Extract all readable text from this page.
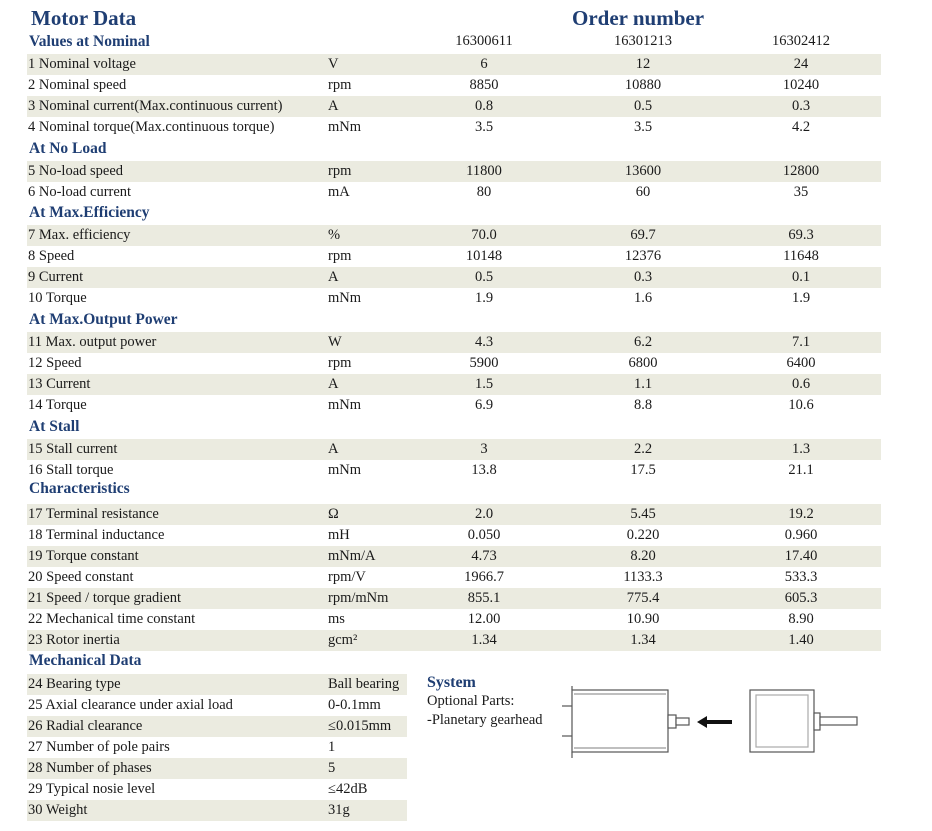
Motor Data	Order number
16300611	16301213	16302412
Values at Nominal
At No Load
At Max.Efficiency
At Max.Output Power
At Stall
Characteristics
Mechanical Data
1 Nominal voltage	V	6	12	24
2 Nominal speed	rpm	8850	10880	10240
3 Nominal current(Max.continuous current)	A	0.8	0.5	0.3
4 Nominal torque(Max.continuous torque)	mNm	3.5	3.5	4.2
5 No-load speed	rpm	11800	13600	12800
6 No-load current	mA	80	60	35
7 Max. efficiency	%	70.0	69.7	69.3
8 Speed	rpm	10148	12376	11648
9 Current	A	0.5	0.3	0.1
10 Torque	mNm	1.9	1.6	1.9
11 Max. output power	W	4.3	6.2	7.1
12 Speed	rpm	5900	6800	6400
13 Current	A	1.5	1.1	0.6
14 Torque	mNm	6.9	8.8	10.6
15 Stall current	A	3	2.2	1.3
16 Stall torque	mNm	13.8	17.5	21.1
17 Terminal resistance	Ω	2.0	5.45	19.2
18 Terminal inductance	mH	0.050	0.220	0.960
19 Torque constant	mNm/A	4.73	8.20	17.40
20 Speed constant	rpm/V	1966.7	1133.3	533.3
21 Speed / torque gradient	rpm/mNm	855.1	775.4	605.3
22 Mechanical time constant	ms	12.00	10.90	8.90
23 Rotor inertia	gcm²	1.34	1.34	1.40
24 Bearing type	Ball bearing
25 Axial clearance under axial load	0-0.1mm
26 Radial clearance	≤0.015mm
27 Number of pole pairs	1
28 Number of phases	5
29 Typical nosie level	≤42dB
30 Weight	31g
System
Optional Parts:
-Planetary gearhead
